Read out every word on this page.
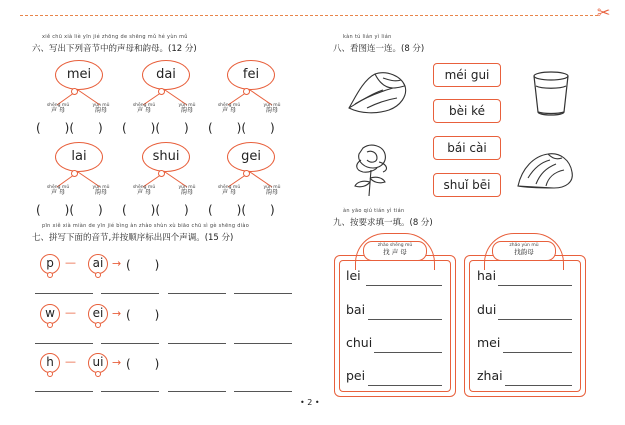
✂
xiě chū xià liè yīn jié zhōng de shēng mǔ hé yùn mǔ
六、写出下列音节中的声母和韵母。(12 分)
mei	dai	fei
shēng mǔ
声 母
yùn mǔ
韵母
shēng mǔ
声 母
yùn mǔ
韵母
shēng mǔ
声 母
yùn mǔ
韵母
(　　)(　　) (　　)(　　) (　　)(　　)
lai	shui	gei
shēng mǔ
声 母
yùn mǔ
韵母
shēng mǔ
声 母
yùn mǔ
韵母
shēng mǔ
声 母
yùn mǔ
韵母
(　　)(　　) (　　)(　　) (　　)(　　)
pīn xiě xià miàn de yīn jié bìng àn zhào shùn xù biāo chū sì gè shēng diào
七、拼写下面的音节,并按顺序标出四个声调。(15 分)
p	—	ai → (　　)
w —	ei → (　　)
h	—	ui → (　　)
kàn tú lián yì lián
八、看图连一连。(8 分)
méi gui
bèi ké
bái cài
shuǐ bēi
àn yāo qiú tián yì tián
九、按要求填一填。(8 分)
zhǎo shēng mǔ
找 声 母
lei
bai
chui
pei
zhǎo yùn mǔ
找韵母
hai
dui
mei
zhai
• 2 •
